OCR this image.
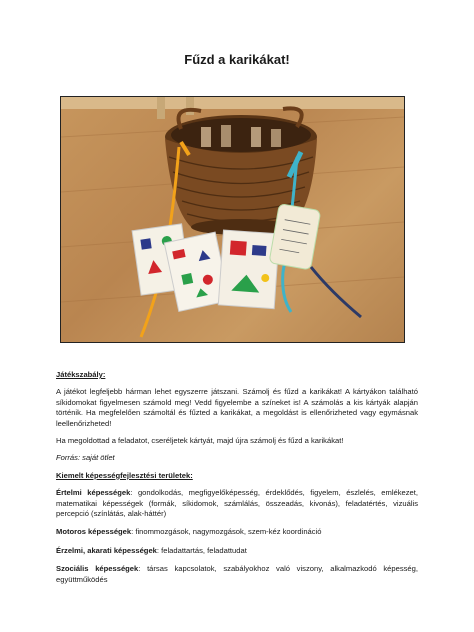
Fűzd a karikákat!

Játékszabály:

A játékot legfeljebb hárman lehet egyszerre játszani. Számolj és fűzd a karikákat! A kártyákon található síkidomokat figyelmesen számold meg! Vedd figyelembe a színeket is! A számolás a kis kártyák alapján történik. Ha megfelelően számoltál és fűzted a karikákat, a megoldást is ellenőrizheted vagy egymásnak leellenőrizheted!

Ha megoldottad a feladatot, cseréljetek kártyát, majd újra számolj és fűzd a karikákat!

Forrás: saját ötlet

Kiemelt képességfejlesztési területek:

Értelmi képességek: gondolkodás, megfigyelőképesség, érdeklődés, figyelem, észlelés, emlékezet, matematikai képességek (formák, síkidomok, számlálás, összeadás, kivonás), feladatértés, vizuális percepció (színlátás, alak-háttér)

Motoros képességek: finommozgások, nagymozgások, szem-kéz koordináció

Érzelmi, akarati képességek: feladattartás, feladattudat

Szociális képességek: társas kapcsolatok, szabályokhoz való viszony, alkalmazkodó képesség, együttműködés
